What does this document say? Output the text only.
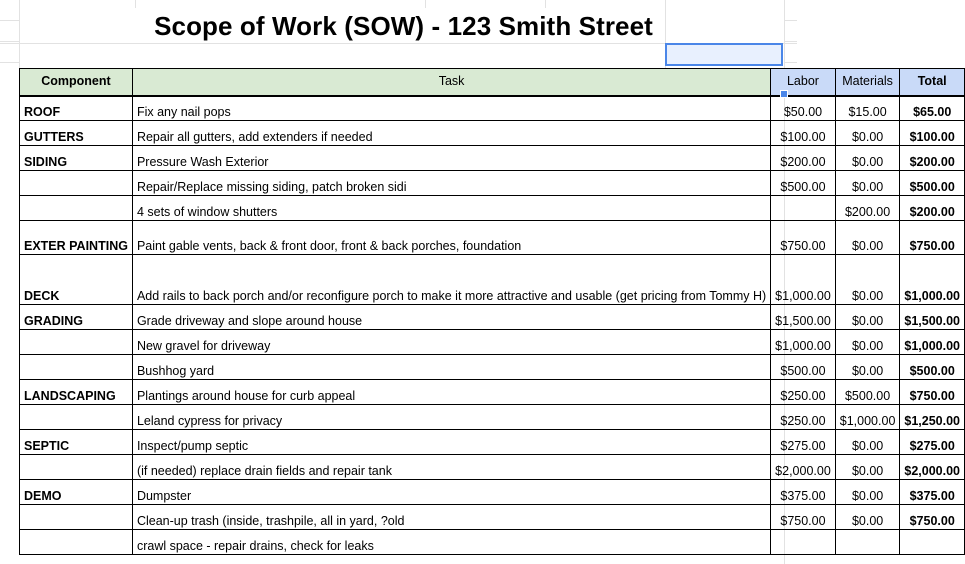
Scope of Work (SOW) - 123 Smith Street
Component	Task	Labor	Materials	Total
ROOF	Fix any nail pops	$50.00	$15.00	$65.00
GUTTERS	Repair all gutters, add extenders if needed	$100.00	$0.00	$100.00
SIDING	Pressure Wash Exterior	$200.00	$0.00	$200.00
	Repair/Replace missing siding, patch broken sidi	$500.00	$0.00	$500.00
	4 sets of window shutters		$200.00	$200.00
EXTER PAINTING	Paint gable vents, back & front door, front & back porches, foundation	$750.00	$0.00	$750.00
DECK	Add rails to back porch and/or reconfigure porch to make it more attractive and usable (get pricing from Tommy H)	$1,000.00	$0.00	$1,000.00
GRADING	Grade driveway and slope around house	$1,500.00	$0.00	$1,500.00
	New gravel for driveway	$1,000.00	$0.00	$1,000.00
	Bushhog yard	$500.00	$0.00	$500.00
LANDSCAPING	Plantings around house for curb appeal	$250.00	$500.00	$750.00
	Leland cypress for privacy	$250.00	$1,000.00	$1,250.00
SEPTIC	Inspect/pump septic	$275.00	$0.00	$275.00
	(if needed) replace drain fields and repair tank	$2,000.00	$0.00	$2,000.00
DEMO	Dumpster	$375.00	$0.00	$375.00
	Clean-up trash (inside, trashpile, all in yard, ?old	$750.00	$0.00	$750.00
	crawl space - repair drains, check for leaks			
